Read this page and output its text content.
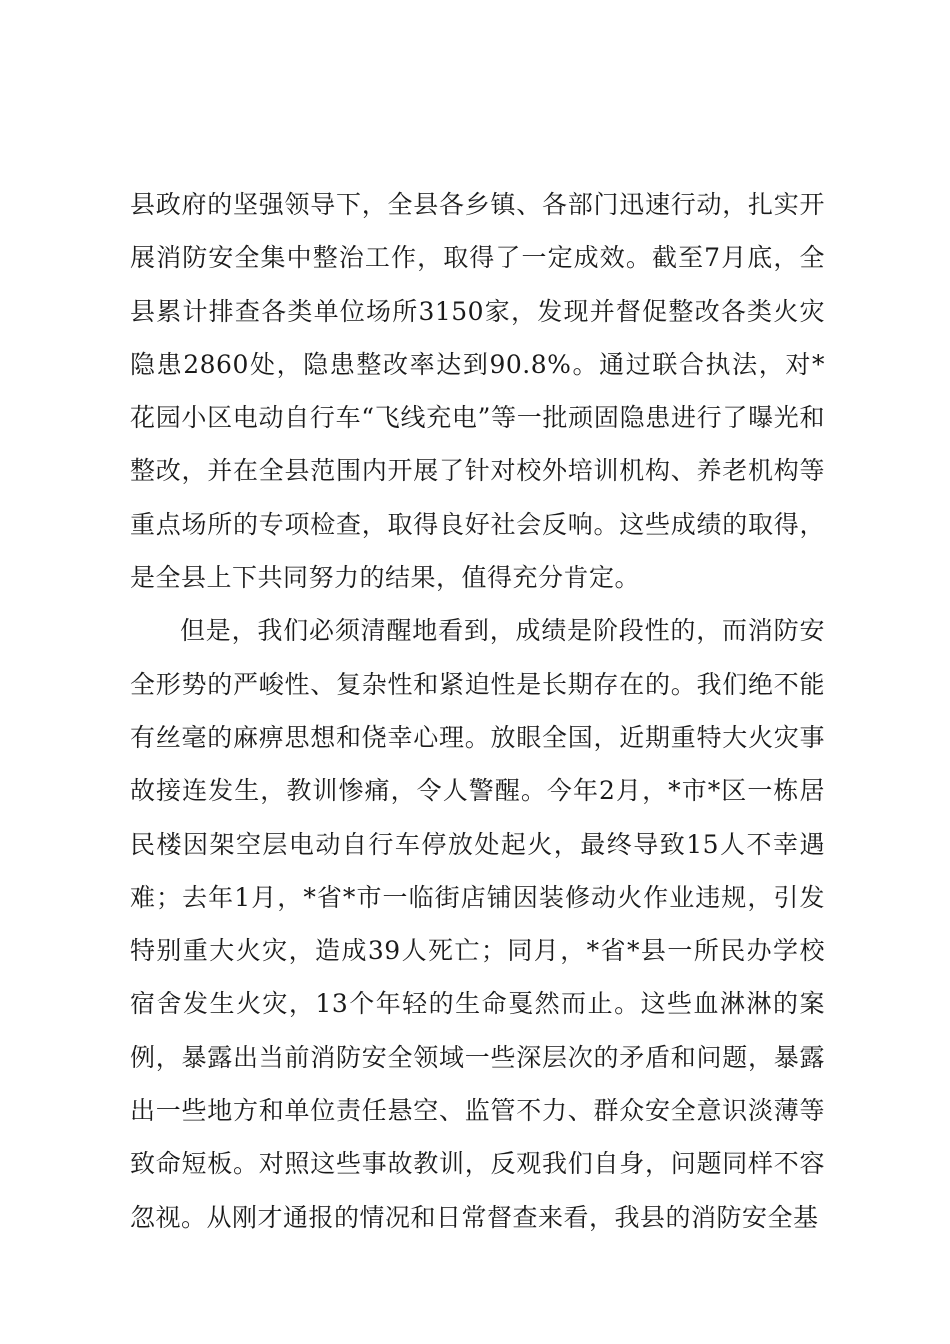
县政府的坚强领导下，全县各乡镇、各部门迅速行动，扎实开展消防安全集中整治工作，取得了一定成效。截至7月底，全县累计排查各类单位场所3150家，发现并督促整改各类火灾隐患2860处，隐患整改率达到90.8%。通过联合执法，对*花园小区电动自行车“飞线充电”等一批顽固隐患进行了曝光和整改，并在全县范围内开展了针对校外培训机构、养老机构等重点场所的专项检查，取得良好社会反响。这些成绩的取得，是全县上下共同努力的结果，值得充分肯定。

但是，我们必须清醒地看到，成绩是阶段性的，而消防安全形势的严峻性、复杂性和紧迫性是长期存在的。我们绝不能有丝毫的麻痹思想和侥幸心理。放眼全国，近期重特大火灾事故接连发生，教训惨痛，令人警醒。今年2月，*市*区一栋居民楼因架空层电动自行车停放处起火，最终导致15人不幸遇难；去年1月，*省*市一临街店铺因装修动火作业违规，引发特别重大火灾，造成39人死亡；同月，*省*县一所民办学校宿舍发生火灾，13个年轻的生命戛然而止。这些血淋淋的案例，暴露出当前消防安全领域一些深层次的矛盾和问题，暴露出一些地方和单位责任悬空、监管不力、群众安全意识淡薄等致命短板。对照这些事故教训，反观我们自身，问题同样不容忽视。从刚才通报的情况和日常督查来看，我县的消防安全基
